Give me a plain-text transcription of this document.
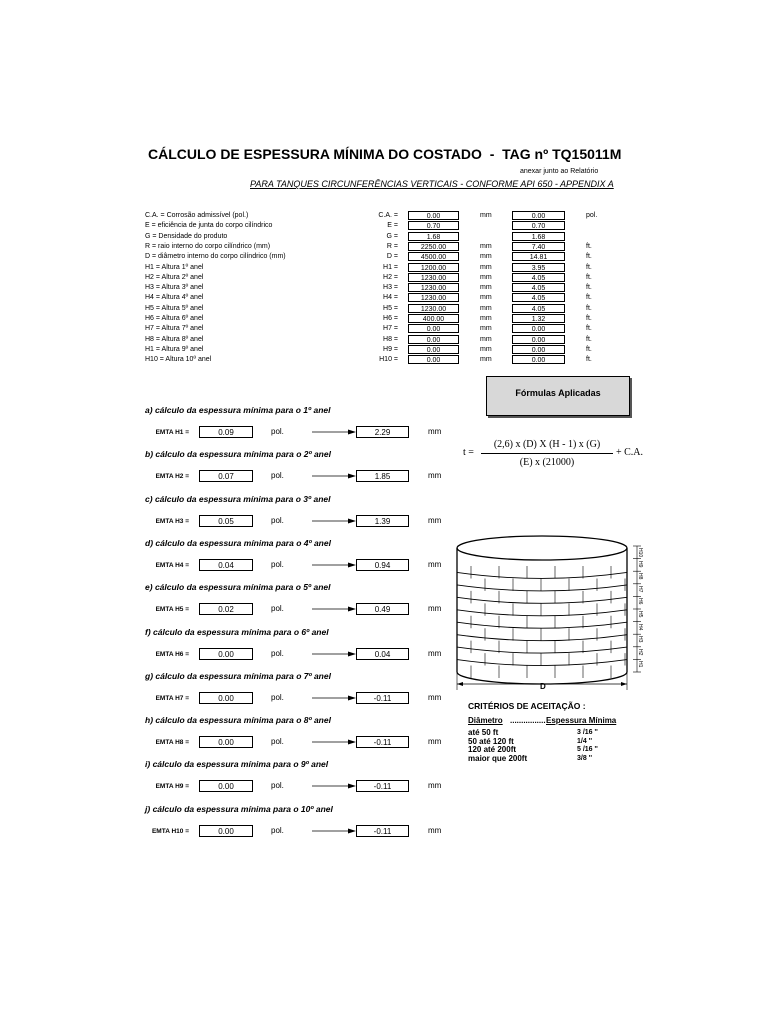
CÁLCULO DE ESPESSURA MÍNIMA DO COSTADO  -  TAG nº TQ15011M
anexar junto ao Relatório
PARA TANQUES CIRCUNFERÊNCIAS VERTICAIS - CONFORME API 650 - APPENDIX A
C.A. = Corrosão admissível (pol.)	C.A. =	0.00	mm	0.00	pol.
E = eficiência de junta do corpo cilíndrico	E =	0.70	0.70
G = Densidade do produto	G =	1.68	1.68
R = raio interno do corpo cilíndrico (mm)	R =	2250.00	mm	7.40	ft.
D = diâmetro interno do corpo cilíndrico (mm)	D =	4500.00	mm	14.81	ft.
H1 = Altura 1º anel	H1 =	1200.00	mm	3.95	ft.
H2 = Altura 2º anel	H2 =	1230.00	mm	4.05	ft.
H3 = Altura 3º anel	H3 =	1230.00	mm	4.05	ft.
H4 = Altura 4º anel	H4 =	1230.00	mm	4.05	ft.
H5 = Altura 5º anel	H5 =	1230.00	mm	4.05	ft.
H6 = Altura 6º anel	H6 =	400.00	mm	1.32	ft.
H7 = Altura 7º anel	H7 =	0.00	mm	0.00	ft.
H8 = Altura 8º anel	H8 =	0.00	mm	0.00	ft.
H1 = Altura 9º anel	H9 =	0.00	mm	0.00	ft.
H10 = Altura 10º anel	H10 =	0.00	mm	0.00	ft.
Fórmulas Aplicadas
t =
(2,6) x (D) X (H - 1) x (G)
(E) x (21000)
+ C.A.
a) cálculo da espessura mínima para o 1º anel
EMTA H1 =	0.09	pol.	2.29	mm
b) cálculo da espessura mínima para o 2º anel
EMTA H2 =	0.07	pol.	1.85	mm
c) cálculo da espessura mínima para o 3º anel
EMTA H3 =	0.05	pol.	1.39	mm
d) cálculo da espessura mínima para o 4º anel
EMTA H4 =	0.04	pol.	0.94	mm
e) cálculo da espessura mínima para o 5º anel
EMTA H5 =	0.02	pol.	0.49	mm
f) cálculo da espessura mínima para o 6º anel
EMTA H6 =	0.00	pol.	0.04	mm
g) cálculo da espessura mínima para o 7º anel
EMTA H7 =	0.00	pol.	-0.11	mm
h) cálculo da espessura mínima para o 8º anel
EMTA H8 =	0.00	pol.	-0.11	mm
i) cálculo da espessura mínima para o 9º anel
EMTA H9 =	0.00	pol.	-0.11	mm
j) cálculo da espessura mínima para o 10º anel
EMTA H10 =	0.00	pol.	-0.11	mm
D
H10
H9
H8
H7
H6
H5
H4
H3
H2
H1
CRITÉRIOS DE ACEITAÇÃO :
Diâmetro ................ Espessura Mínima
até 50 ft	3 /16 ''
50 até 120 ft	1/4 ''
120 até 200ft	5 /16 ''
maior que 200ft	3/8 ''
